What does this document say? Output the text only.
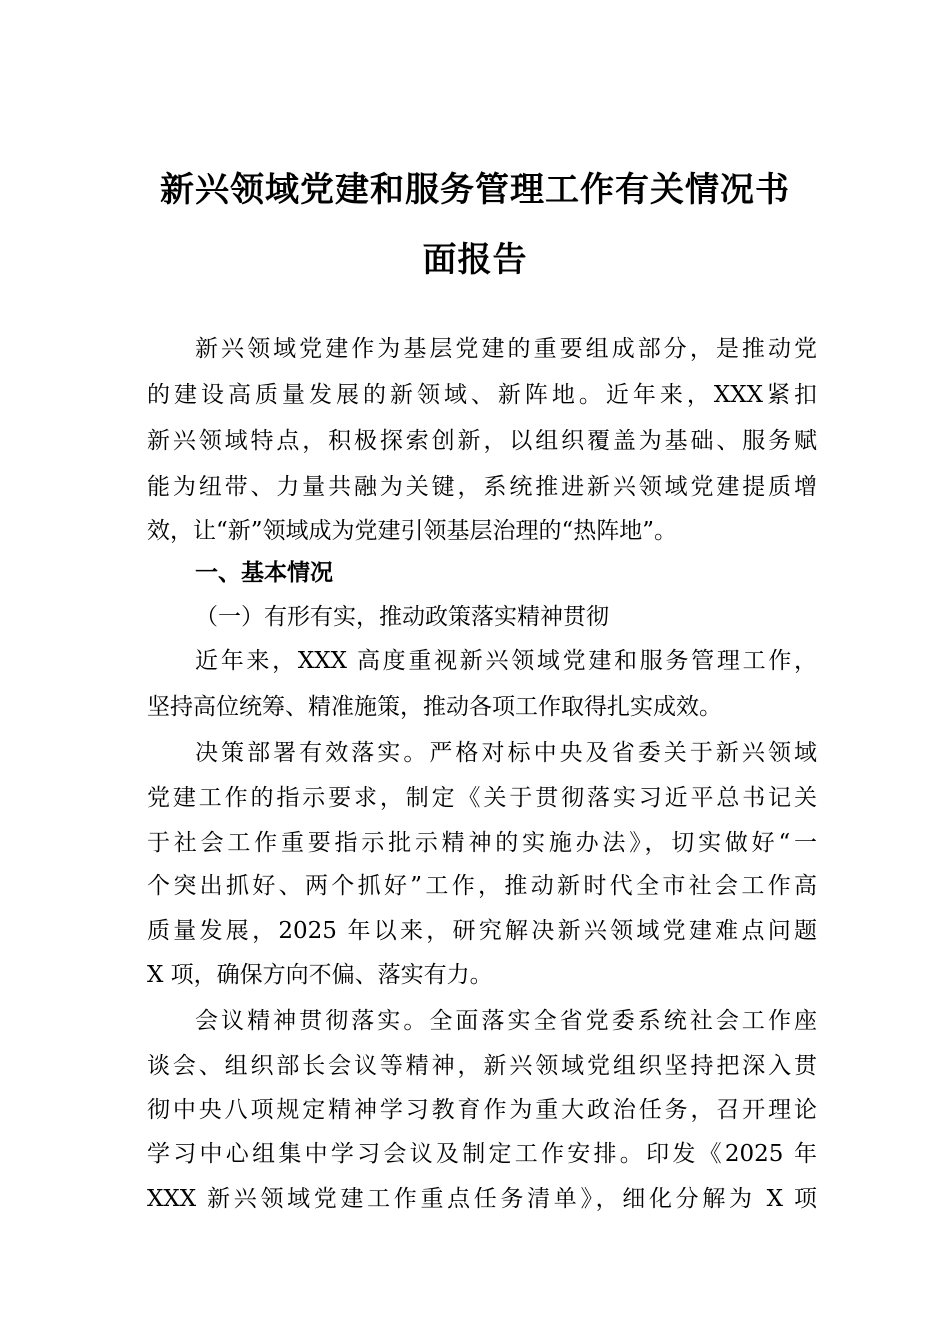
新兴领域党建和服务管理工作有关情况书
面报告
新兴领域党建作为基层党建的重要组成部分，是推动党
的建设高质量发展的新领域、新阵地。近年来，XXX紧扣
新兴领域特点，积极探索创新，以组织覆盖为基础、服务赋
能为纽带、力量共融为关键，系统推进新兴领域党建提质增
效，让“新”领域成为党建引领基层治理的“热阵地”。
一、基本情况
（一）有形有实，推动政策落实精神贯彻
近年来，XXX 高度重视新兴领域党建和服务管理工作，
坚持高位统筹、精准施策，推动各项工作取得扎实成效。
决策部署有效落实。严格对标中央及省委关于新兴领域
党建工作的指示要求，制定《关于贯彻落实习近平总书记关
于社会工作重要指示批示精神的实施办法》，切实做好“一
个突出抓好、两个抓好”工作，推动新时代全市社会工作高
质量发展，2025 年以来，研究解决新兴领域党建难点问题
X 项，确保方向不偏、落实有力。
会议精神贯彻落实。全面落实全省党委系统社会工作座
谈会、组织部长会议等精神，新兴领域党组织坚持把深入贯
彻中央八项规定精神学习教育作为重大政治任务，召开理论
学习中心组集中学习会议及制定工作安排。印发《2025 年
XXX 新兴领域党建工作重点任务清单》，细化分解为 X 项
